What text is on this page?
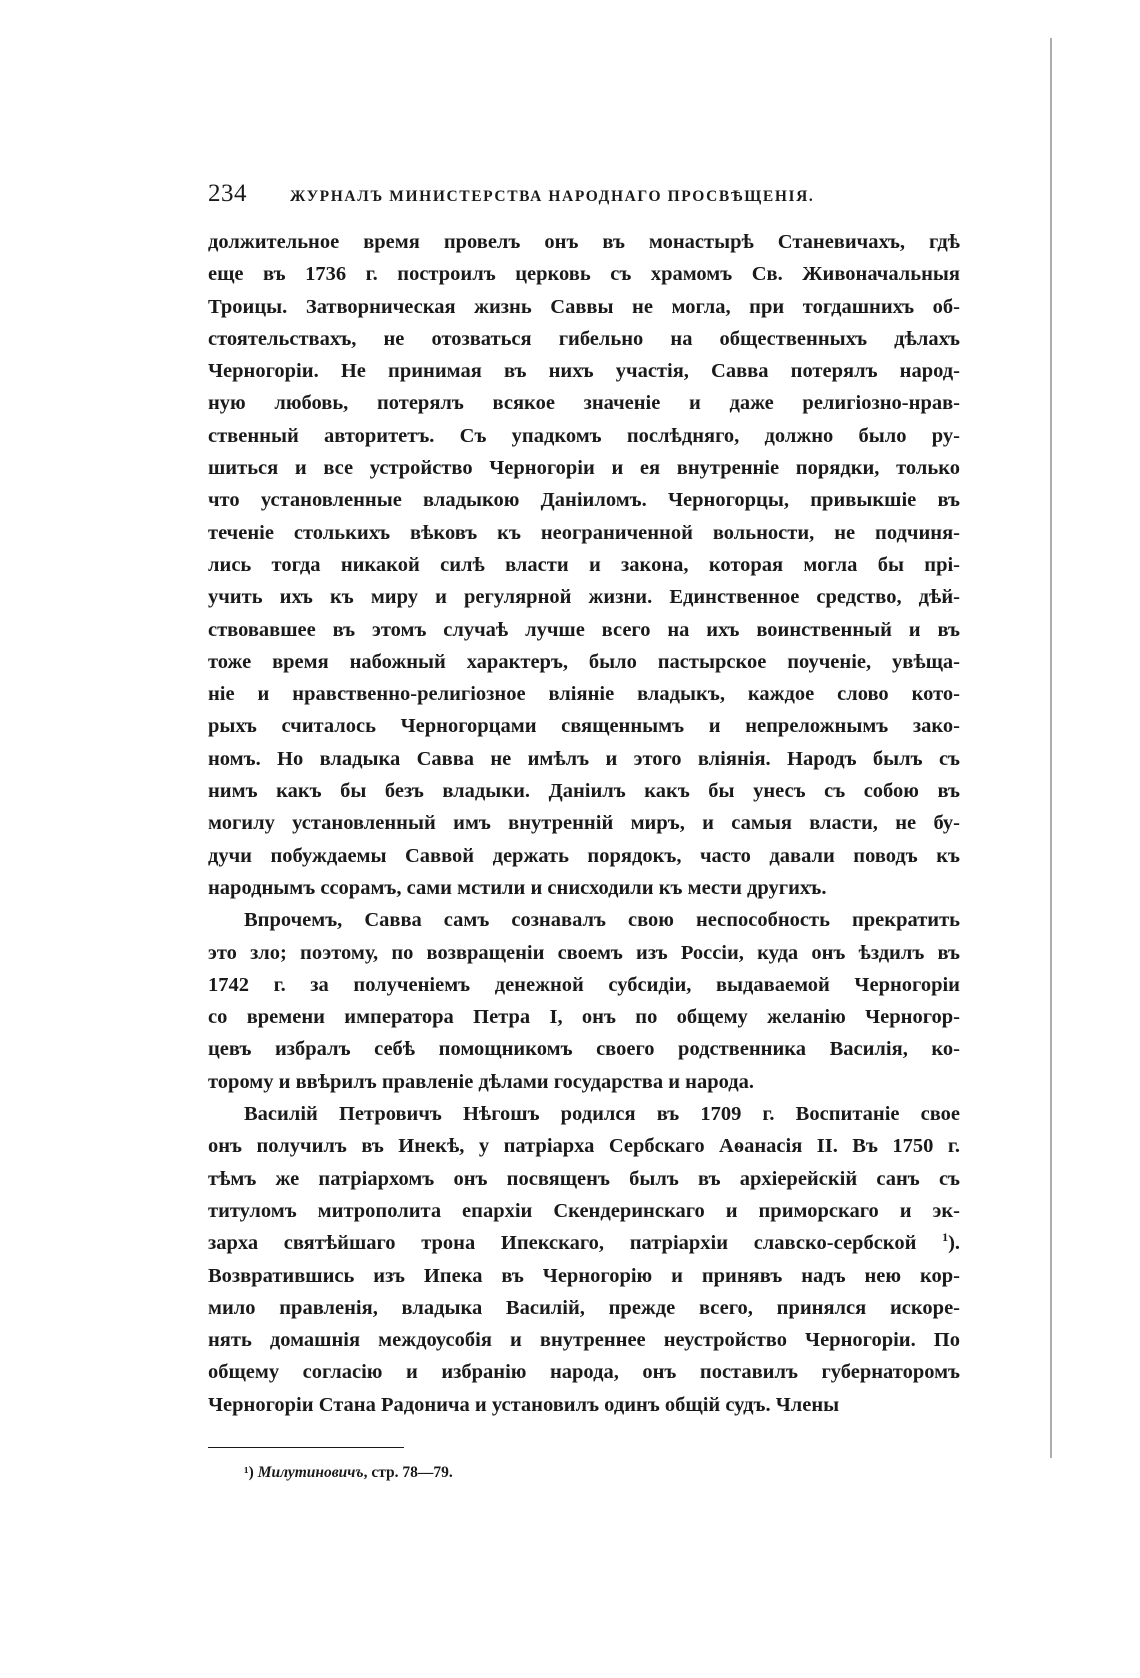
234	ЖУРНАЛЪ МИНИСТЕРСТВА НАРОДНАГО ПРОСВѢЩЕНІЯ.

должительное время провелъ онъ въ монастырѣ Станевичахъ, гдѣ
еще въ 1736 г. построилъ церковь съ храмомъ Св. Живоначальныя
Троицы. Затворническая жизнь Саввы не могла, при тогдашнихъ об-
стоятельствахъ, не отозваться гибельно на общественныхъ дѣлахъ
Черногоріи. Не принимая въ нихъ участія, Савва потерялъ народ-
ную любовь, потерялъ всякое значеніе и даже религіозно-нрав-
ственный авторитетъ. Съ упадкомъ послѣдняго, должно было ру-
шиться и все устройство Черногоріи и ея внутренніе порядки, только
что установленные владыкою Даніиломъ. Черногорцы, привыкшіе въ
теченіе столькихъ вѣковъ къ неограниченной вольности, не подчиня-
лись тогда никакой силѣ власти и закона, которая могла бы прі-
учить ихъ къ миру и регулярной жизни. Единственное средство, дѣй-
ствовавшее въ этомъ случаѣ лучше всего на ихъ воинственный и въ
тоже время набожный характеръ, было пастырское поученіе, увѣща-
ніе и нравственно-религіозное вліяніе владыкъ, каждое слово кото-
рыхъ считалось Черногорцами священнымъ и непреложнымъ зако-
номъ. Но владыка Савва не имѣлъ и этого вліянія. Народъ былъ съ
нимъ какъ бы безъ владыки. Даніилъ какъ бы унесъ съ собою въ
могилу установленный имъ внутренній миръ, и самыя власти, не бу-
дучи побуждаемы Саввой держать порядокъ, часто давали поводъ къ
народнымъ ссорамъ, сами мстили и снисходили къ мести другихъ.

Впрочемъ, Савва самъ сознавалъ свою неспособность прекратить
это зло; поэтому, по возвращеніи своемъ изъ Россіи, куда онъ ѣздилъ въ
1742 г. за полученіемъ денежной субсидіи, выдаваемой Черногоріи
со времени императора Петра I, онъ по общему желанію Черногор-
цевъ избралъ себѣ помощникомъ своего родственника Василія, ко-
торому и ввѣрилъ правленіе дѣлами государства и народа.

Василій Петровичъ Нѣгошъ родился въ 1709 г. Воспитаніе свое
онъ получилъ въ Инекѣ, у патріарха Сербскаго Аѳанасія II. Въ 1750 г.
тѣмъ же патріархомъ онъ посвященъ былъ въ архіерейскій санъ съ
титуломъ митрополита епархіи Скендеринскаго и приморскаго и эк-
зарха святѣйшаго трона Ипекскаго, патріархіи славско-сербской $^1$).
Возвратившись изъ Ипека въ Черногорію и принявъ надъ нею кор-
мило правленія, владыка Василій, прежде всего, принялся искоре-
нять домашнія междоусобія и внутреннее неустройство Черногоріи. По
общему согласію и избранію народа, онъ поставилъ губернаторомъ
Черногоріи Стана Радонича и установилъ одинъ общій судъ. Члены

¹) Милутиновичъ, стр. 78—79.
